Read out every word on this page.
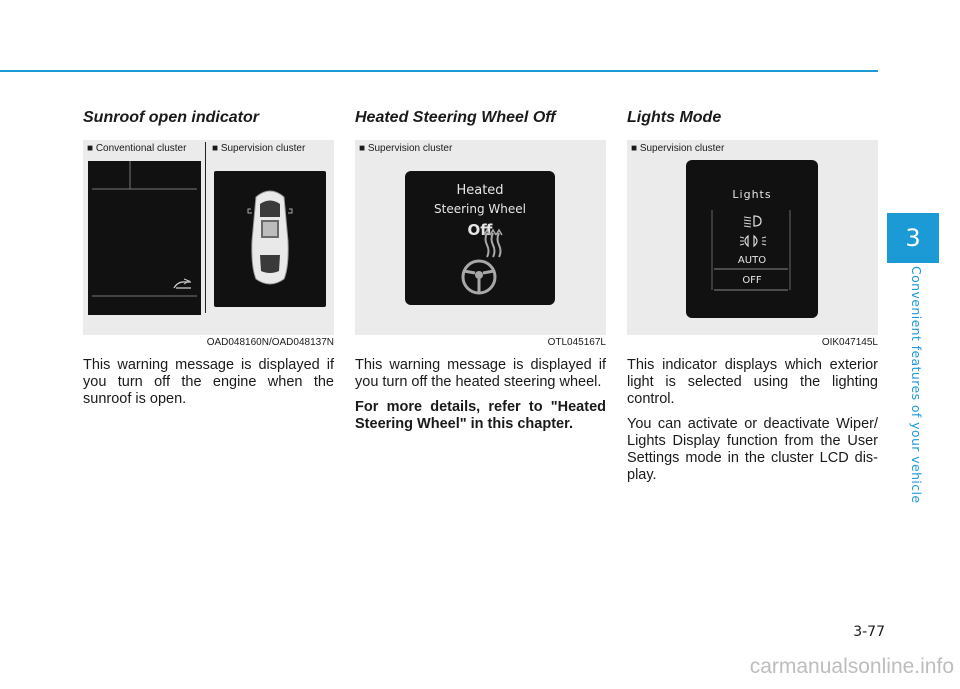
Sunroof open indicator
■ Conventional cluster	■ Supervision cluster
OAD048160N/OAD048137N

This warning message is displayed if you turn off the engine when the sunroof is open.

Heated Steering Wheel Off
■ Supervision cluster
Heated
Steering Wheel
Off
OTL045167L

This warning message is displayed if you turn off the heated steering wheel.

For more details, refer to "Heated Steering Wheel" in this chapter.

Lights Mode
■ Supervision cluster
Lights
AUTO
OFF
OIK047145L

This indicator displays which exterior light is selected using the lighting control.

You can activate or deactivate Wiper/ Lights Display function from the User Settings mode in the cluster LCD dis- play.

3
Convenient features of your vehicle
3-77
carmanualsonline.info
